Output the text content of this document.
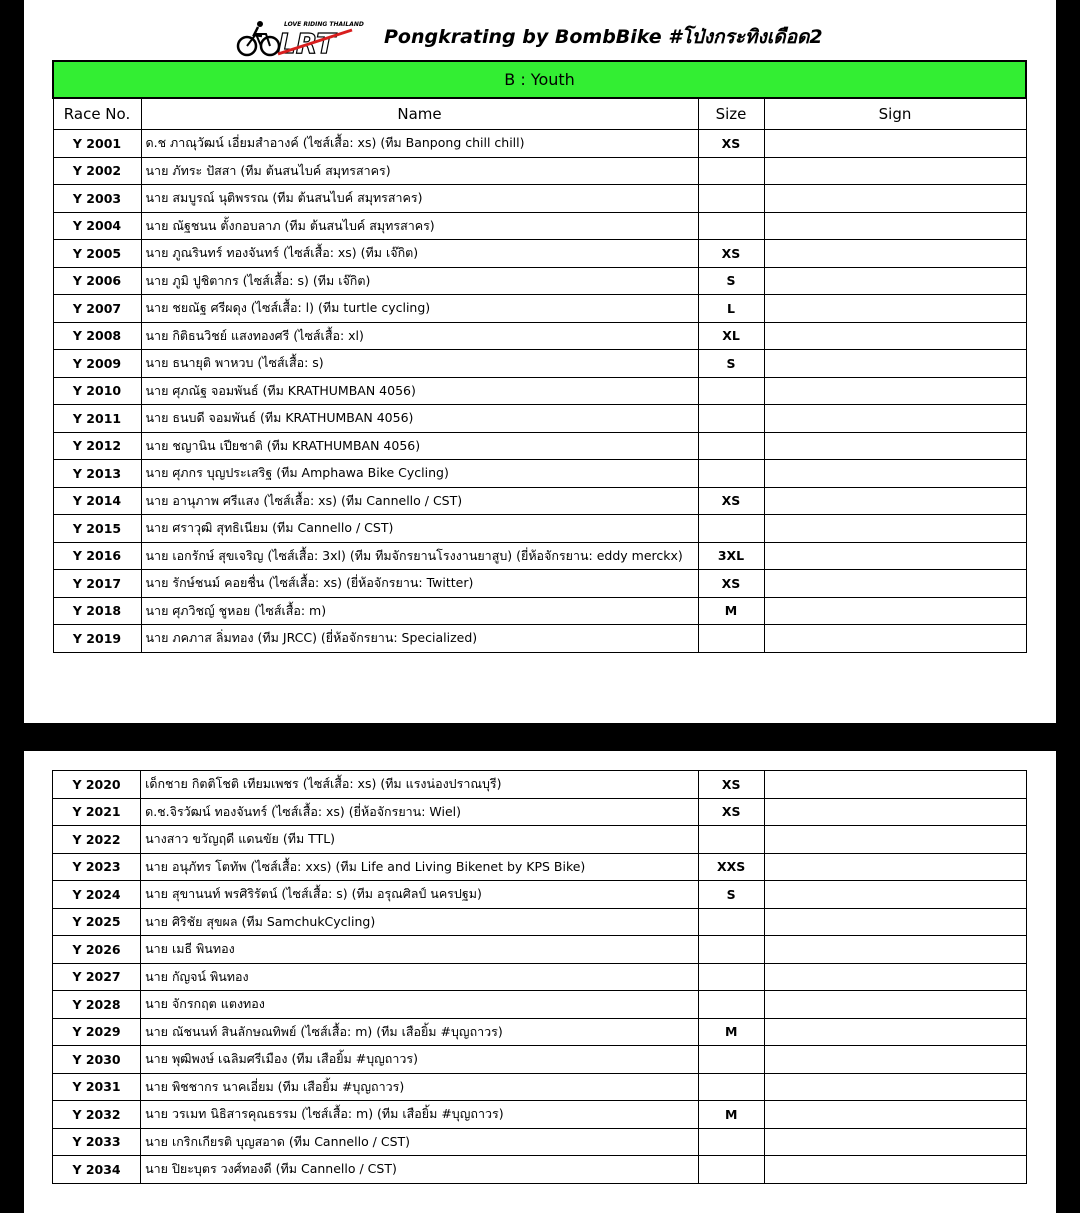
LOVE RIDING THAILAND
LRT	Pongkrating by BombBike #โป่งกระทิงเดือด2
B : Youth			
Race No.	Name	Size	Sign
Y 2001	ด.ช ภาณุวัฒน์ เอี่ยมสำอางค์ (ไซส์เสื้อ: xs) (ทีม Banpong chill chill)	XS	
Y 2002	นาย ภัทระ ปัสสา (ทีม ต้นสนไบค์ สมุทรสาคร)		
Y 2003	นาย สมบูรณ์ นุติพรรณ (ทีม ต้นสนไบค์ สมุทรสาคร)		
Y 2004	นาย ณัฐชนน ตั้งกอบลาภ (ทีม ต้นสนไบค์ สมุทรสาคร)		
Y 2005	นาย ภูณรินทร์ ทองจันทร์ (ไซส์เสื้อ: xs) (ทีม เจ๊กิต)	XS	
Y 2006	นาย ภูมิ ปูชิตากร (ไซส์เสื้อ: s) (ทีม เจ๊กิต)	S	
Y 2007	นาย ชยณัฐ ศรีผดุง (ไซส์เสื้อ: l) (ทีม turtle cycling)	L	
Y 2008	นาย กิติธนวิชย์ แสงทองศรี (ไซส์เสื้อ: xl)	XL	
Y 2009	นาย ธนายุติ พาหวบ (ไซส์เสื้อ: s)	S	
Y 2010	นาย ศุภณัฐ จอมพันธ์ (ทีม KRATHUMBAN 4056)		
Y 2011	นาย ธนบดี จอมพันธ์ (ทีม KRATHUMBAN 4056)		
Y 2012	นาย ชญานิน เปียชาติ (ทีม KRATHUMBAN 4056)		
Y 2013	นาย ศุภกร บุญประเสริฐ (ทีม Amphawa Bike Cycling)		
Y 2014	นาย อานุภาพ ศรีแสง (ไซส์เสื้อ: xs) (ทีม Cannello / CST)	XS	
Y 2015	นาย ศราวุฒิ สุทธิเนียม (ทีม Cannello / CST)		
Y 2016	นาย เอกรักษ์ สุขเจริญ (ไซส์เสื้อ: 3xl) (ทีม ทีมจักรยานโรงงานยาสูบ) (ยี่ห้อจักรยาน: eddy merckx)	3XL	
Y 2017	นาย รักษ์ชนม์ คอยชื่น (ไซส์เสื้อ: xs) (ยี่ห้อจักรยาน: Twitter)	XS	
Y 2018	นาย ศุภวิชญ์ ชูหอย (ไซส์เสื้อ: m)	M	
Y 2019	นาย ภคภาส ลิ่มทอง (ทีม JRCC) (ยี่ห้อจักรยาน: Specialized)		
Y 2020	เด็กชาย กิตติโชติ เทียมเพชร (ไซส์เสื้อ: xs) (ทีม แรงน่องปราณบุรี)	XS	
Y 2021	ด.ช.จิรวัฒน์ ทองจันทร์ (ไซส์เสื้อ: xs) (ยี่ห้อจักรยาน: Wiel)	XS	
Y 2022	นางสาว ขวัญฤดี แดนขัย (ทีม TTL)		
Y 2023	นาย อนุภัทร โตทัพ (ไซส์เสื้อ: xxs) (ทีม Life and Living Bikenet by KPS Bike)	XXS	
Y 2024	นาย สุขานนท์ พรศิริรัตน์ (ไซส์เสื้อ: s) (ทีม อรุณศิลป์ นครปฐม)	S	
Y 2025	นาย ศิริชัย สุขผล (ทีม SamchukCycling)		
Y 2026	นาย เมธี พินทอง		
Y 2027	นาย กัญจน์ พินทอง		
Y 2028	นาย จักรกฤต แตงทอง		
Y 2029	นาย ณัชนนท์ สินลักษณทิพย์ (ไซส์เสื้อ: m) (ทีม เสือยิ้ม #บุญถาวร)	M	
Y 2030	นาย พุฒิพงษ์ เฉลิมศรีเมือง (ทีม เสือยิ้ม #บุญถาวร)		
Y 2031	นาย พิชชากร นาคเอี่ยม (ทีม เสือยิ้ม #บุญถาวร)		
Y 2032	นาย วรเมท นิธิสารคุณธรรม (ไซส์เสื้อ: m) (ทีม เสือยิ้ม #บุญถาวร)	M	
Y 2033	นาย เกริกเกียรติ บุญสอาด (ทีม Cannello / CST)		
Y 2034	นาย ปิยะบุตร วงศ์ทองดี (ทีม Cannello / CST)		
